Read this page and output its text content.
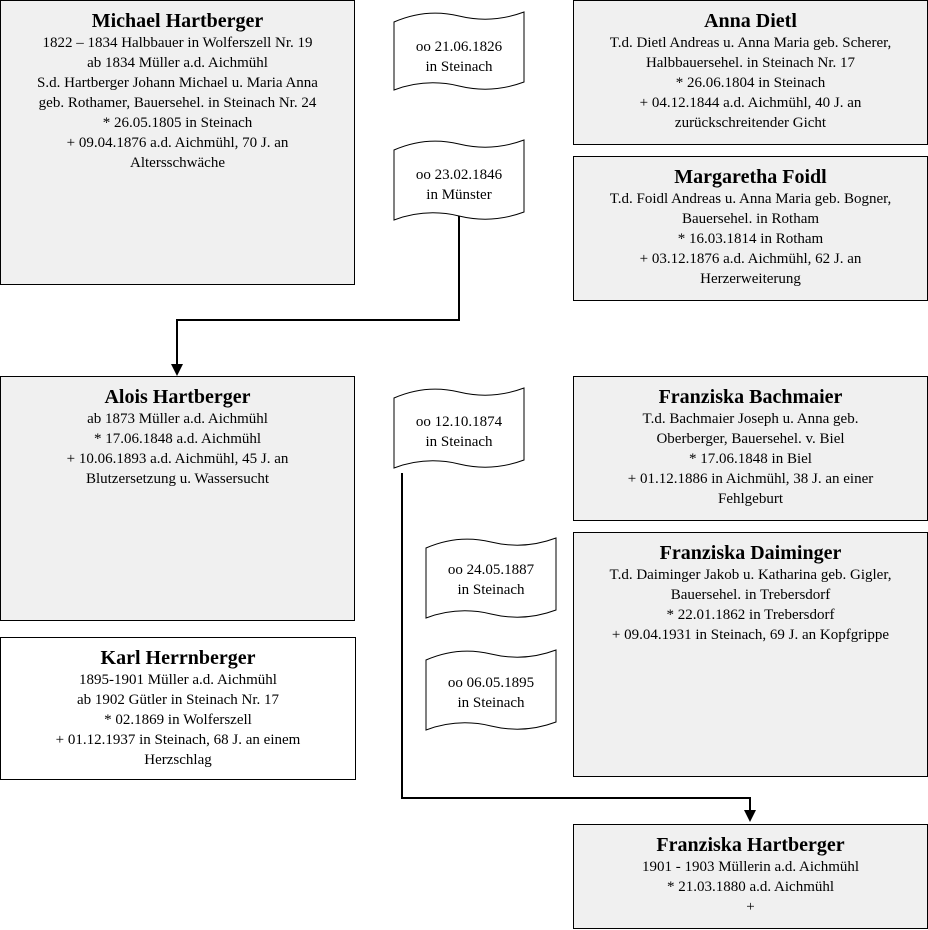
oo 21.06.1826
in Steinach
oo 23.02.1846
in Münster
oo 12.10.1874
in Steinach
oo 24.05.1887
in Steinach
oo 06.05.1895
in Steinach
Michael Hartberger
1822 – 1834 Halbbauer in Wolferszell Nr. 19
ab 1834 Müller a.d. Aichmühl
S.d. Hartberger Johann Michael u. Maria Anna
geb. Rothamer, Bauersehel. in Steinach Nr. 24
* 26.05.1805 in Steinach
+ 09.04.1876 a.d. Aichmühl, 70 J. an
Altersschwäche
Anna Dietl
T.d. Dietl Andreas u. Anna Maria geb. Scherer,
Halbbauersehel. in Steinach Nr. 17
* 26.06.1804 in Steinach
+ 04.12.1844 a.d. Aichmühl, 40 J. an
zurückschreitender Gicht
Margaretha Foidl
T.d. Foidl Andreas u. Anna Maria geb. Bogner,
Bauersehel. in Rotham
* 16.03.1814 in Rotham
+ 03.12.1876 a.d. Aichmühl, 62 J. an
Herzerweiterung
Alois Hartberger
ab 1873 Müller a.d. Aichmühl
* 17.06.1848 a.d. Aichmühl
+ 10.06.1893 a.d. Aichmühl, 45 J. an
Blutzersetzung u. Wassersucht
Franziska Bachmaier
T.d. Bachmaier Joseph u. Anna geb.
Oberberger, Bauersehel. v. Biel
* 17.06.1848 in Biel
+ 01.12.1886 in Aichmühl, 38 J. an einer
Fehlgeburt
Franziska Daiminger
T.d. Daiminger Jakob u. Katharina geb. Gigler,
Bauersehel. in Trebersdorf
* 22.01.1862 in Trebersdorf
+ 09.04.1931 in Steinach, 69 J. an Kopfgrippe
Karl Herrnberger
1895-1901 Müller a.d. Aichmühl
ab 1902 Gütler in Steinach Nr. 17
* 02.1869 in Wolferszell
+ 01.12.1937 in Steinach, 68 J. an einem
Herzschlag
Franziska Hartberger
1901 - 1903 Müllerin a.d. Aichmühl
* 21.03.1880 a.d. Aichmühl
+
